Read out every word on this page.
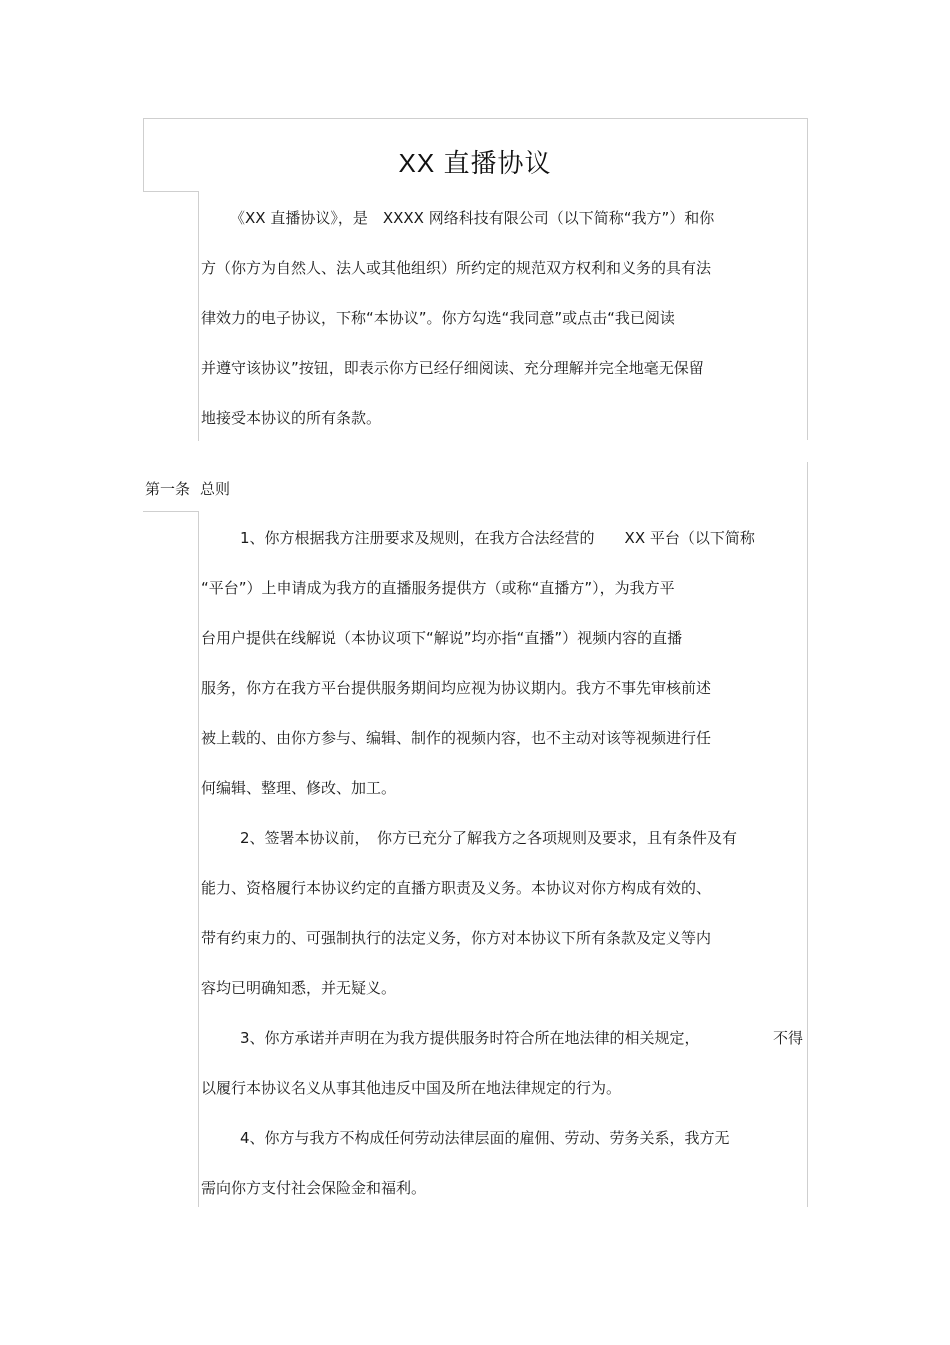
XX 直播协议
《XX 直播协议》，是　XXXX 网络科技有限公司（以下简称“我方”）和你
方（你方为自然人、法人或其他组织）所约定的规范双方权利和义务的具有法
律效力的电子协议，下称“本协议”。你方勾选“我同意”或点击“我已阅读
并遵守该协议”按钮，即表示你方已经仔细阅读、充分理解并完全地毫无保留
地接受本协议的所有条款。
第一条 总则
1、你方根据我方注册要求及规则，在我方合法经营的　　XX 平台（以下简称
“平台”）上申请成为我方的直播服务提供方（或称“直播方”），为我方平
台用户提供在线解说（本协议项下“解说”均亦指“直播”）视频内容的直播
服务，你方在我方平台提供服务期间均应视为协议期内。我方不事先审核前述
被上载的、由你方参与、编辑、制作的视频内容，也不主动对该等视频进行任
何编辑、整理、修改、加工。
2、签署本协议前，　你方已充分了解我方之各项规则及要求，且有条件及有
能力、资格履行本协议约定的直播方职责及义务。本协议对你方构成有效的、
带有约束力的、可强制执行的法定义务，你方对本协议下所有条款及定义等内
容均已明确知悉，并无疑义。
3、你方承诺并声明在为我方提供服务时符合所在地法律的相关规定，	不得
以履行本协议名义从事其他违反中国及所在地法律规定的行为。
4、你方与我方不构成任何劳动法律层面的雇佣、劳动、劳务关系，我方无
需向你方支付社会保险金和福利。
